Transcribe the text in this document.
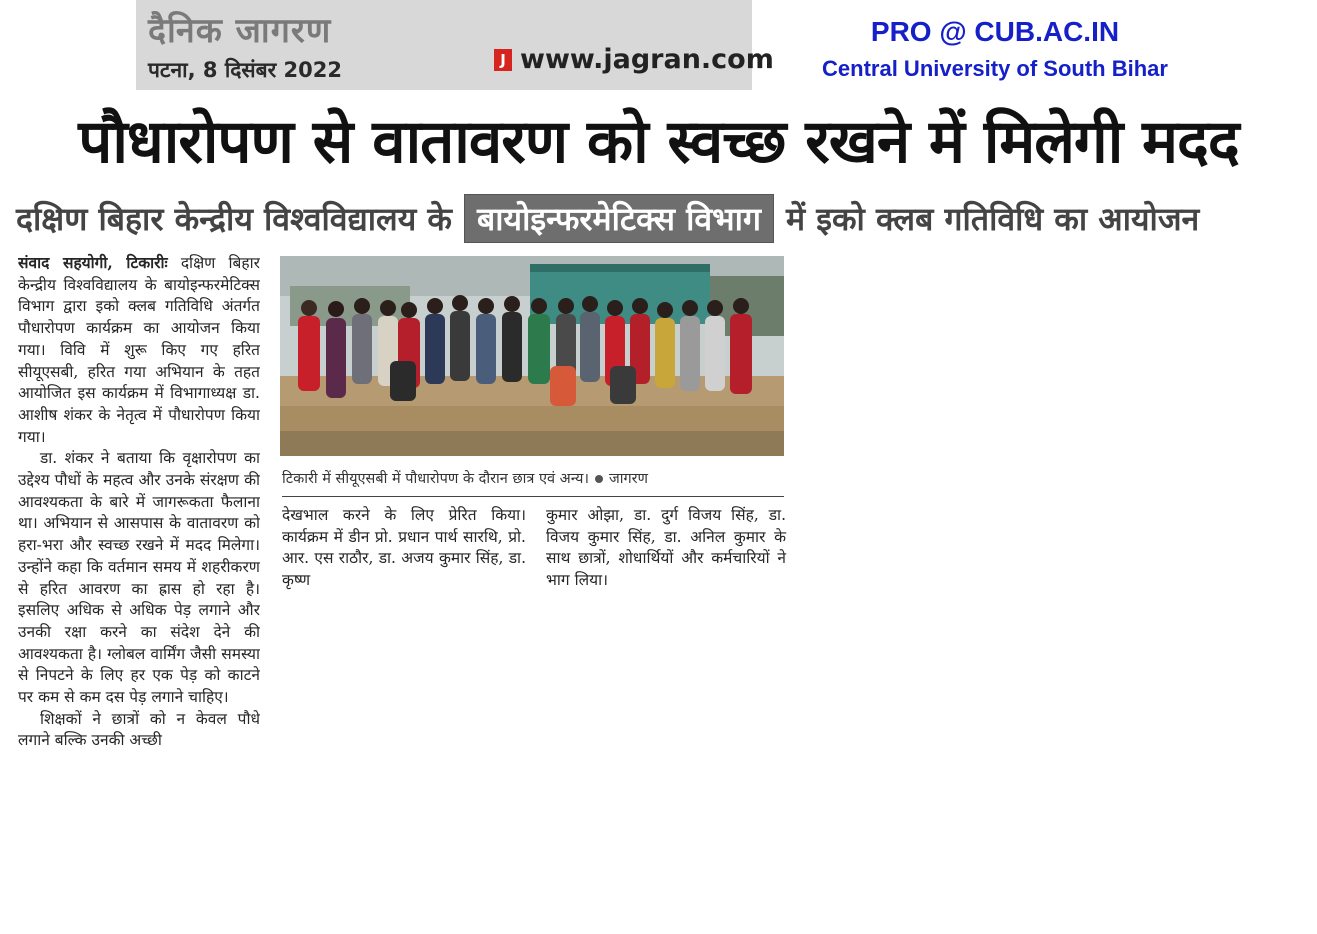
दैनिक जागरण
पटना, 8 दिसंबर 2022	J www.jagran.com
PRO @ CUB.AC.IN
Central University of South Bihar
पौधारोपण से वातावरण को स्वच्छ रखने में मिलेगी मदद
दक्षिण बिहार केन्द्रीय विश्वविद्यालय के बायोइन्फरमेटिक्स विभाग में इको क्लब गतिविधि का आयोजन

संवाद सहयोगी, टिकारीः दक्षिण बिहार केन्द्रीय विश्वविद्यालय के बायोइन्फरमेटिक्स विभाग द्वारा इको क्लब गतिविधि अंतर्गत पौधारोपण कार्यक्रम का आयोजन किया गया। विवि में शुरू किए गए हरित सीयूएसबी, हरित गया अभियान के तहत आयोजित इस कार्यक्रम में विभागाध्यक्ष डा. आशीष शंकर के नेतृत्व में पौधारोपण किया गया।

डा. शंकर ने बताया कि वृक्षारोपण का उद्देश्य पौधों के महत्व और उनके संरक्षण की आवश्यकता के बारे में जागरूकता फैलाना था। अभियान से आसपास के वातावरण को हरा-भरा और स्वच्छ रखने में मदद मिलेगा। उन्होंने कहा कि वर्तमान समय में शहरीकरण से हरित आवरण का ह्रास हो रहा है। इसलिए अधिक से अधिक पेड़ लगाने और उनकी रक्षा करने का संदेश देने की आवश्यकता है। ग्लोबल वार्मिंग जैसी समस्या से निपटने के लिए हर एक पेड़ को काटने पर कम से कम दस पेड़ लगाने चाहिए।

शिक्षकों ने छात्रों को न केवल पौधे लगाने बल्कि उनकी अच्छी

टिकारी में सीयूएसबी में पौधारोपण के दौरान छात्र एवं अन्य। जागरण

देखभाल करने के लिए प्रेरित किया। कार्यक्रम में डीन प्रो. प्रधान पार्थ सारथि, प्रो. आर. एस राठौर, डा. अजय कुमार सिंह, डा. कृष्ण

कुमार ओझा, डा. दुर्ग विजय सिंह, डा. विजय कुमार सिंह, डा. अनिल कुमार के साथ छात्रों, शोधार्थियों और कर्मचारियों ने भाग लिया।
